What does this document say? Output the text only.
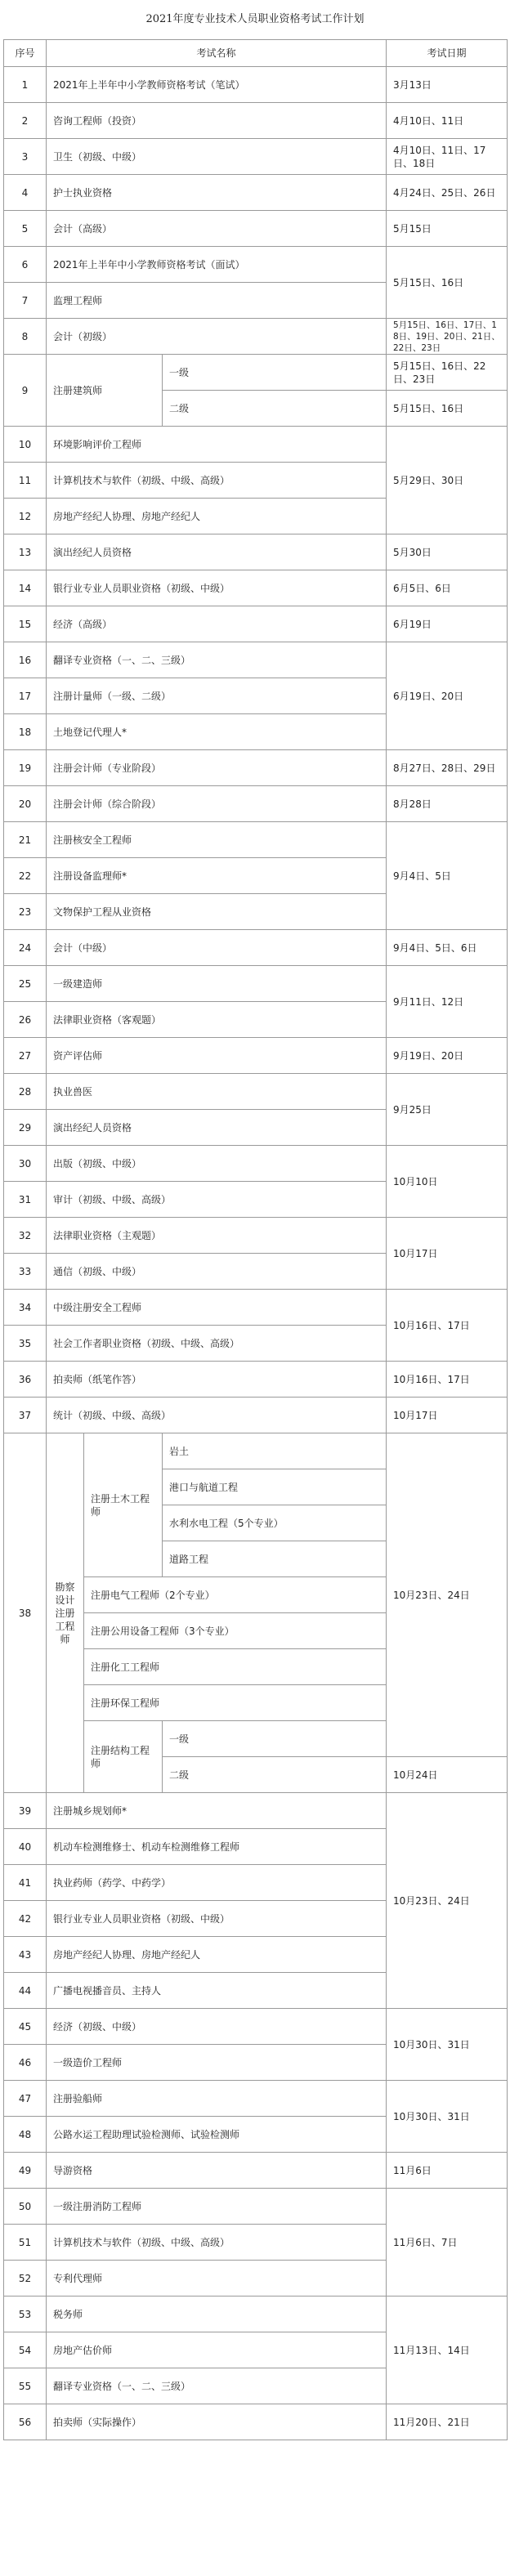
2021年度专业技术人员职业资格考试工作计划
序号	考试名称			考试日期
1	2021年上半年中小学教师资格考试（笔试）			3月13日
2	咨询工程师（投资）			4月10日、11日
3	卫生（初级、中级）			4月10日、11日、17日、18日
4	护士执业资格			4月24日、25日、26日
5	会计（高级）			5月15日
6	2021年上半年中小学教师资格考试（面试）			5月15日、16日
7	监理工程师			
8	会计（初级）			5月15日、16日、17日、18日、19日、20日、21日、22日、23日
9	注册建筑师		一级	5月15日、16日、22日、23日
			二级	5月15日、16日
10	环境影响评价工程师			5月29日、30日
11	计算机技术与软件（初级、中级、高级）			
12	房地产经纪人协理、房地产经纪人			
13	演出经纪人员资格			5月30日
14	银行业专业人员职业资格（初级、中级）			6月5日、6日
15	经济（高级）			6月19日
16	翻译专业资格（一、二、三级）			6月19日、20日
17	注册计量师（一级、二级）			
18	土地登记代理人*			
19	注册会计师（专业阶段）			8月27日、28日、29日
20	注册会计师（综合阶段）			8月28日
21	注册核安全工程师			9月4日、5日
22	注册设备监理师*			
23	文物保护工程从业资格			
24	会计（中级）			9月4日、5日、6日
25	一级建造师			9月11日、12日
26	法律职业资格（客观题）			
27	资产评估师			9月19日、20日
28	执业兽医			9月25日
29	演出经纪人员资格			
30	出版（初级、中级）			10月10日
31	审计（初级、中级、高级）			
32	法律职业资格（主观题）			10月17日
33	通信（初级、中级）			
34	中级注册安全工程师			10月16日、17日
35	社会工作者职业资格（初级、中级、高级）			
36	拍卖师（纸笔作答）			10月16日、17日
37	统计（初级、中级、高级）			10月17日
38	勘察设计注册工程师	注册土木工程师	岩土	10月23日、24日
			港口与航道工程	
			水利水电工程（5个专业）	
			道路工程	
		注册电气工程师（2个专业）		
		注册公用设备工程师（3个专业）		
		注册化工工程师		
		注册环保工程师		
		注册结构工程师	一级	
			二级	10月24日
39	注册城乡规划师*			10月23日、24日
40	机动车检测维修士、机动车检测维修工程师			
41	执业药师（药学、中药学）			
42	银行业专业人员职业资格（初级、中级）			
43	房地产经纪人协理、房地产经纪人			
44	广播电视播音员、主持人			
45	经济（初级、中级）			10月30日、31日
46	一级造价工程师			
47	注册验船师			10月30日、31日
48	公路水运工程助理试验检测师、试验检测师			
49	导游资格			11月6日
50	一级注册消防工程师			11月6日、7日
51	计算机技术与软件（初级、中级、高级）			
52	专利代理师			
53	税务师			11月13日、14日
54	房地产估价师			
55	翻译专业资格（一、二、三级）			
56	拍卖师（实际操作）			11月20日、21日
